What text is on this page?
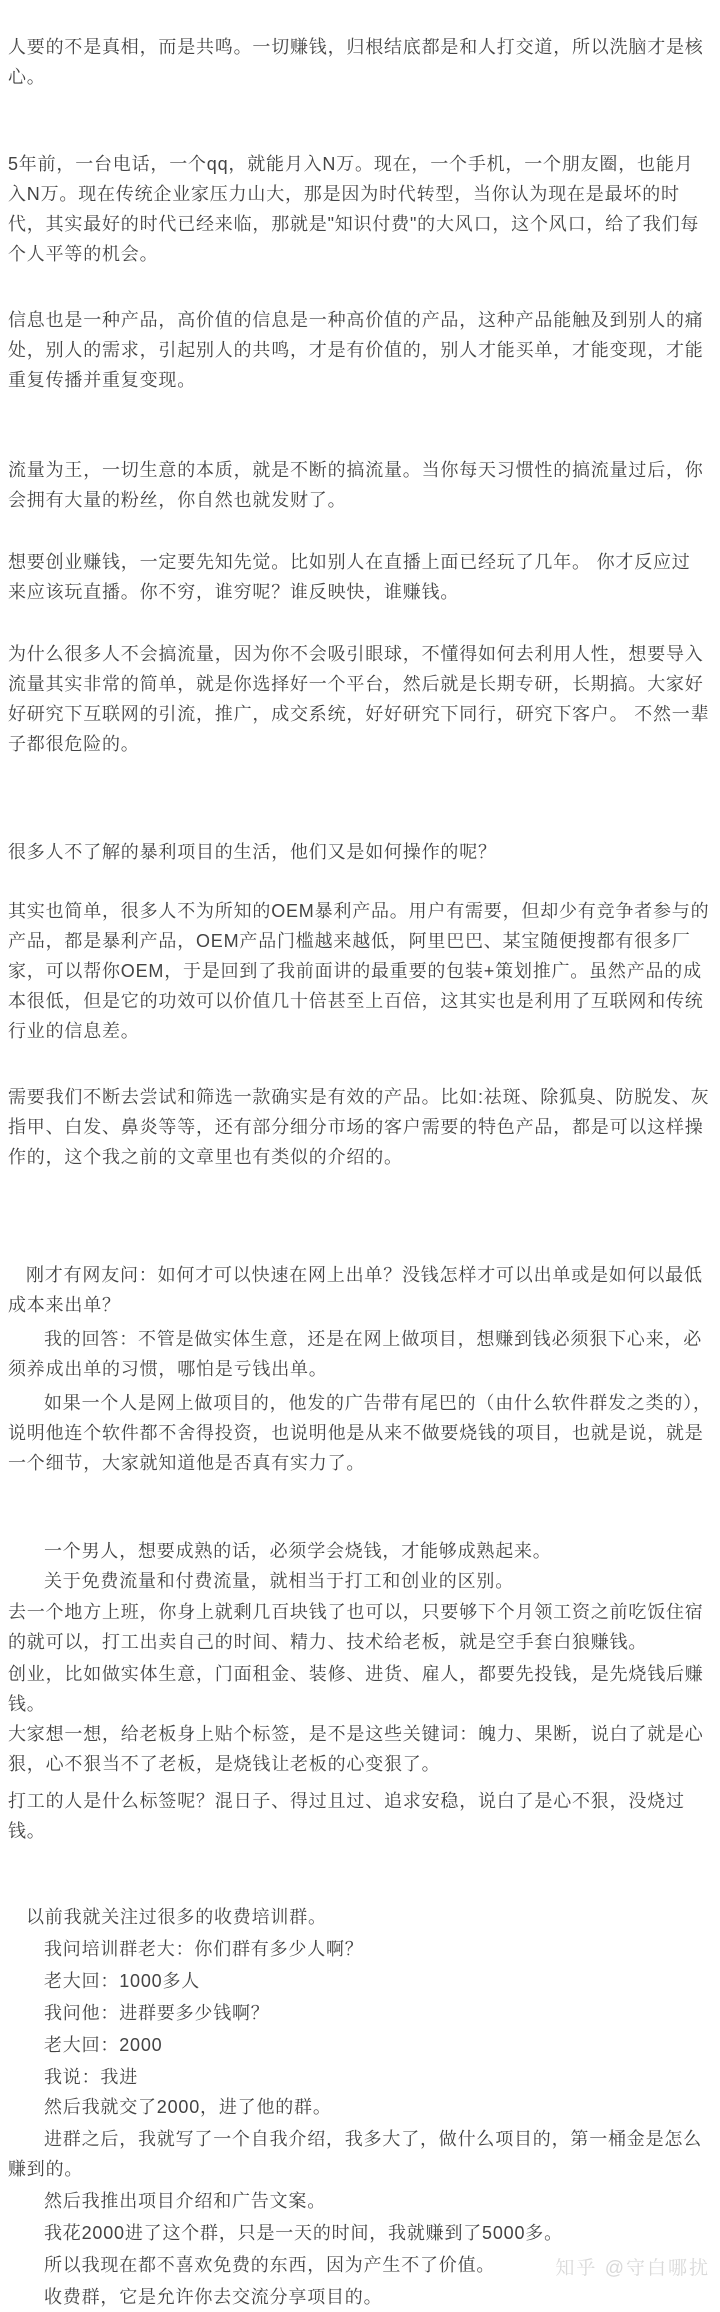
人要的不是真相，而是共鸣。一切赚钱，归根结底都是和人打交道，所以洗脑才是核心。

5年前，一台电话，一个qq，就能月入N万。现在，一个手机，一个朋友圈，也能月入N万。现在传统企业家压力山大，那是因为时代转型，当你认为现在是最坏的时代，其实最好的时代已经来临，那就是"知识付费"的大风口，这个风口，给了我们每个人平等的机会。

信息也是一种产品，高价值的信息是一种高价值的产品，这种产品能触及到别人的痛处，别人的需求，引起别人的共鸣，才是有价值的，别人才能买单，才能变现，才能重复传播并重复变现。

流量为王，一切生意的本质，就是不断的搞流量。当你每天习惯性的搞流量过后，你会拥有大量的粉丝，你自然也就发财了。

想要创业赚钱，一定要先知先觉。比如别人在直播上面已经玩了几年。 你才反应过 来应该玩直播。你不穷，谁穷呢？谁反映快，谁赚钱。

为什么很多人不会搞流量，因为你不会吸引眼球，不懂得如何去利用人性，想要导入流量其实非常的简单，就是你选择好一个平台，然后就是长期专研，长期搞。大家好好研究下互联网的引流，推广，成交系统，好好研究下同行，研究下客户。 不然一辈子都很危险的。

很多人不了解的暴利项目的生活，他们又是如何操作的呢？

其实也简单，很多人不为所知的OEM暴利产品。用户有需要，但却少有竞争者参与的产品，都是暴利产品，OEM产品门槛越来越低，阿里巴巴、某宝随便搜都有很多厂家，可以帮你OEM，于是回到了我前面讲的最重要的包装+策划推广。虽然产品的成本很低，但是它的功效可以价值几十倍甚至上百倍，这其实也是利用了互联网和传统行业的信息差。

需要我们不断去尝试和筛选一款确实是有效的产品。比如:祛斑、除狐臭、防脱发、灰指甲、白发、鼻炎等等，还有部分细分市场的客户需要的特色产品，都是可以这样操作的，这个我之前的文章里也有类似的介绍的。

刚才有网友问：如何才可以快速在网上出单？没钱怎样才可以出单或是如何以最低成本来出单？

我的回答：不管是做实体生意，还是在网上做项目，想赚到钱必须狠下心来，必须养成出单的习惯，哪怕是亏钱出单。

如果一个人是网上做项目的，他发的广告带有尾巴的（由什么软件群发之类的），说明他连个软件都不舍得投资，也说明他是从来不做要烧钱的项目，也就是说，就是一个细节，大家就知道他是否真有实力了。

一个男人，想要成熟的话，必须学会烧钱，才能够成熟起来。

关于免费流量和付费流量，就相当于打工和创业的区别。

去一个地方上班，你身上就剩几百块钱了也可以，只要够下个月领工资之前吃饭住宿的就可以，打工出卖自己的时间、精力、技术给老板，就是空手套白狼赚钱。

创业，比如做实体生意，门面租金、装修、进货、雇人，都要先投钱，是先烧钱后赚钱。

大家想一想，给老板身上贴个标签，是不是这些关键词：魄力、果断，说白了就是心狠，心不狠当不了老板，是烧钱让老板的心变狠了。

打工的人是什么标签呢？混日子、得过且过、追求安稳，说白了是心不狠，没烧过钱。

以前我就关注过很多的收费培训群。

我问培训群老大：你们群有多少人啊？

老大回：1000多人

我问他：进群要多少钱啊？

老大回：2000

我说：我进

然后我就交了2000，进了他的群。

进群之后，我就写了一个自我介绍，我多大了，做什么项目的，第一桶金是怎么赚到的。

然后我推出项目介绍和广告文案。

我花2000进了这个群，只是一天的时间，我就赚到了5000多。

所以我现在都不喜欢免费的东西，因为产生不了价值。

收费群，它是允许你去交流分享项目的。

知乎 @守白哪扰
